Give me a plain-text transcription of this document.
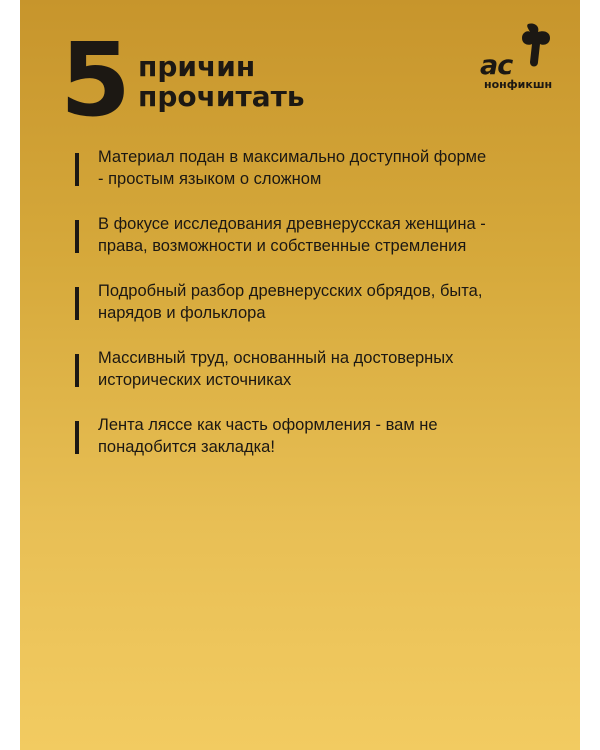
5 причин
прочитать
ас
нонфикшн
Материал подан в максимально доступной форме
- простым языком о сложном
В фокусе исследования древнерусская женщина -
права, возможности и собственные стремления
Подробный разбор древнерусских обрядов, быта,
нарядов и фольклора
Массивный труд, основанный на достоверных
исторических источниках
Лента ляссе как часть оформления - вам не
понадобится закладка!
